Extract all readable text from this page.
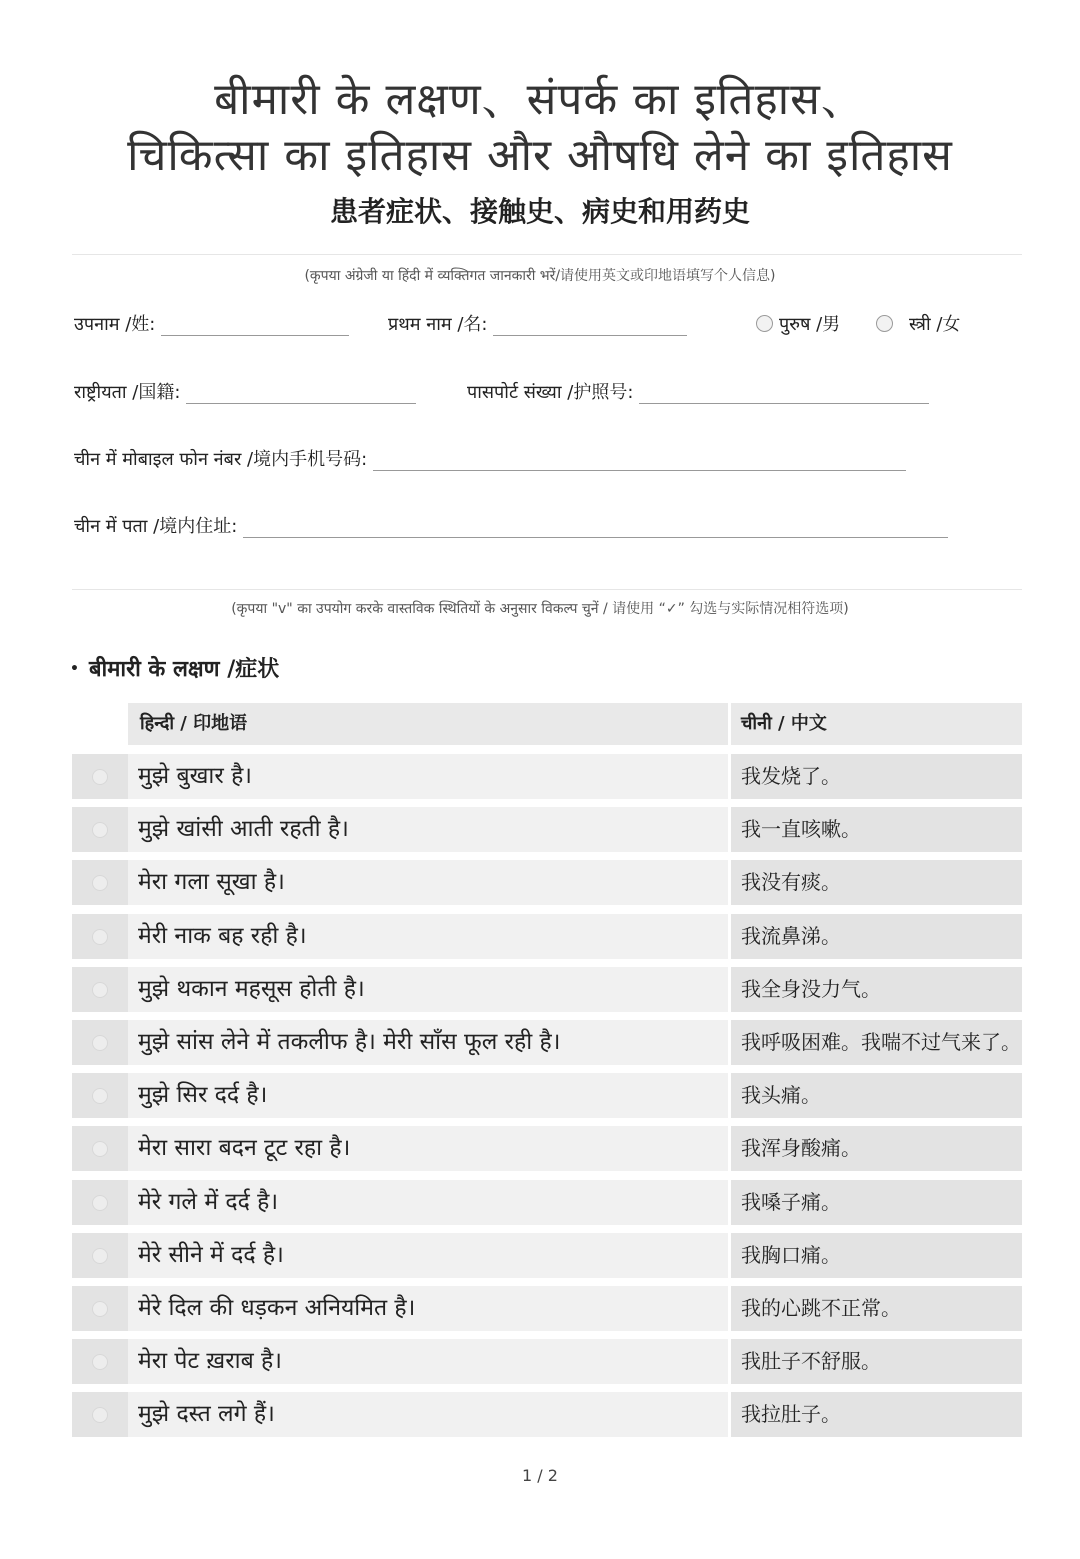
बीमारी के लक्षण、संपर्क का इतिहास、
चिकित्सा का इतिहास और औषधि लेने का इतिहास
患者症状、接触史、病史和用药史
(कृपया अंग्रेजी या हिंदी में व्यक्तिगत जानकारी भरें/请使用英文或印地语填写个人信息)
उपनाम /姓:	प्रथम नाम /名:	पुरुष /男	स्त्री /女
राष्ट्रीयता /国籍:	पासपोर्ट संख्या /护照号:
चीन में मोबाइल फोन नंबर /境内手机号码:
चीन में पता /境内住址:
(कृपया "v" का उपयोग करके वास्तविक स्थितियों के अनुसार विकल्प चुनें / 请使用 “✓” 勾选与实际情况相符选项)
• बीमारी के लक्षण /症状
हिन्दी / 印地语	चीनी / 中文
मुझे बुखार है।	我发烧了。
मुझे खांसी आती रहती है।	我一直咳嗽。
मेरा गला सूखा है।	我没有痰。
मेरी नाक बह रही है।	我流鼻涕。
मुझे थकान महसूस होती है।	我全身没力气。
मुझे सांस लेने में तकलीफ है। मेरी साँस फूल रही है।	我呼吸困难。我喘不过气来了。
मुझे सिर दर्द है।	我头痛。
मेरा सारा बदन टूट रहा है।	我浑身酸痛。
मेरे गले में दर्द है।	我嗓子痛。
मेरे सीने में दर्द है।	我胸口痛。
मेरे दिल की धड़कन अनियमित है।	我的心跳不正常。
मेरा पेट ख़राब है।	我肚子不舒服。
मुझे दस्त लगे हैं।	我拉肚子。
1 / 2
